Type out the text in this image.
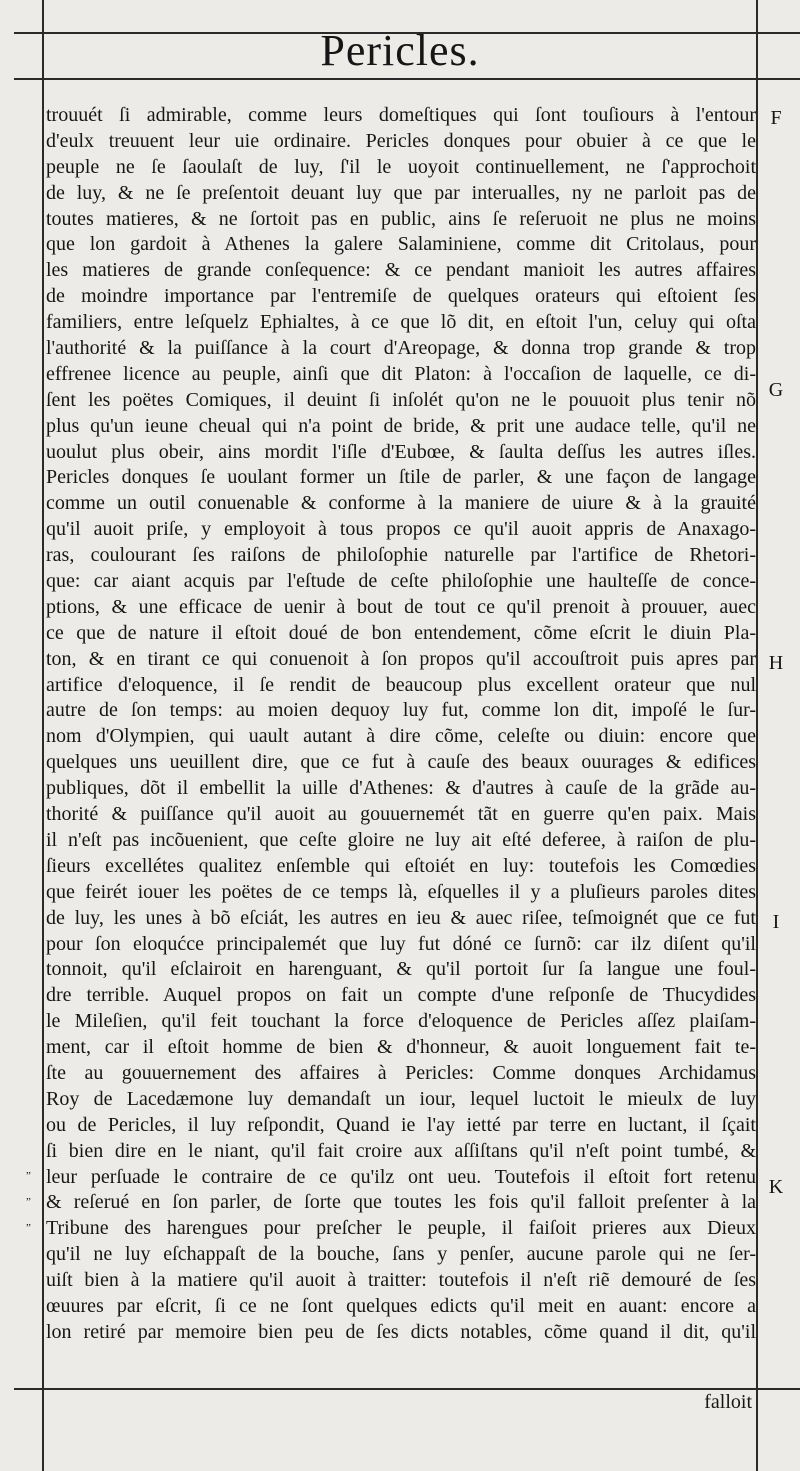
Pericles.
trouuét ſi admirable, comme leurs domeſtiques qui ſont touſiours à l'entour
d'eulx treuuent leur uie ordinaire. Pericles donques pour obuier à ce que le
peuple ne ſe ſaoulaſt de luy, ſ'il le uoyoit continuellement, ne ſ'approchoit
de luy, & ne ſe preſentoit deuant luy que par interualles, ny ne parloit pas de
toutes matieres, & ne ſortoit pas en public, ains ſe reſeruoit ne plus ne moins
que lon gardoit à Athenes la galere Salaminiene, comme dit Critolaus, pour
les matieres de grande conſequence: & ce pendant manioit les autres affaires
de moindre importance par l'entremiſe de quelques orateurs qui eſtoient ſes
familiers, entre leſquelz Ephialtes, à ce que lõ dit, en eſtoit l'un, celuy qui oſta
l'authorité & la puiſſance à la court d'Areopage, & donna trop grande & trop
effrenee licence au peuple, ainſi que dit Platon: à l'occaſion de laquelle, ce di-
ſent les poëtes Comiques, il deuint ſi inſolét qu'on ne le pouuoit plus tenir nõ
plus qu'un ieune cheual qui n'a point de bride, & prit une audace telle, qu'il ne
uoulut plus obeir, ains mordit l'iſle d'Eubœe, & ſaulta deſſus les autres iſles.
Pericles donques ſe uoulant former un ſtile de parler, & une façon de langage
comme un outil conuenable & conforme à la maniere de uiure & à la grauité
qu'il auoit priſe, y employoit à tous propos ce qu'il auoit appris de Anaxago-
ras, coulourant ſes raiſons de philoſophie naturelle par l'artifice de Rhetori-
que: car aiant acquis par l'eſtude de ceſte philoſophie une haulteſſe de conce-
ptions, & une efficace de uenir à bout de tout ce qu'il prenoit à prouuer, auec
ce que de nature il eſtoit doué de bon entendement, cõme eſcrit le diuin Pla-
ton, & en tirant ce qui conuenoit à ſon propos qu'il accouſtroit puis apres par
artifice d'eloquence, il ſe rendit de beaucoup plus excellent orateur que nul
autre de ſon temps: au moien dequoy luy fut, comme lon dit, impoſé le ſur-
nom d'Olympien, qui uault autant à dire cõme, celeſte ou diuin: encore que
quelques uns ueuillent dire, que ce fut à cauſe des beaux ouurages & edifices
publiques, dõt il embellit la uille d'Athenes: & d'autres à cauſe de la grãde au-
thorité & puiſſance qu'il auoit au gouuernemét tãt en guerre qu'en paix. Mais
il n'eſt pas incõuenient, que ceſte gloire ne luy ait eſté deferee, à raiſon de plu-
ſieurs excellétes qualitez enſemble qui eſtoiét en luy: toutefois les Comœdies
que feirét iouer les poëtes de ce temps là, eſquelles il y a pluſieurs paroles dites
de luy, les unes à bõ eſciát, les autres en ieu & auec riſee, teſmoignét que ce fut
pour ſon eloqućce principalemét que luy fut dóné ce ſurnõ: car ilz diſent qu'il
tonnoit, qu'il eſclairoit en harenguant, & qu'il portoit ſur ſa langue une foul-
dre terrible. Auquel propos on fait un compte d'une reſponſe de Thucydides
le Mileſien, qu'il feit touchant la force d'eloquence de Pericles aſſez plaiſam-
ment, car il eſtoit homme de bien & d'honneur, & auoit longuement fait te-
ſte au gouuernement des affaires à Pericles: Comme donques Archidamus
Roy de Lacedæmone luy demandaſt un iour, lequel luctoit le mieulx de luy
ou de Pericles, il luy reſpondit, Quand ie l'ay ietté par terre en luctant, il ſçait
ſi bien dire en le niant, qu'il fait croire aux aſſiſtans qu'il n'eſt point tumbé, &
leur perſuade le contraire de ce qu'ilz ont ueu. Toutefois il eſtoit fort retenu
& reſerué en ſon parler, de ſorte que toutes les fois qu'il falloit preſenter à la
Tribune des harengues pour preſcher le peuple, il faiſoit prieres aux Dieux
qu'il ne luy eſchappaſt de la bouche, ſans y penſer, aucune parole qui ne ſer-
uiſt bien à la matiere qu'il auoit à traitter: toutefois il n'eſt riẽ demouré de ſes
œuures par eſcrit, ſi ce ne ſont quelques edicts qu'il meit en auant: encore a
lon retiré par memoire bien peu de ſes dicts notables, cõme quand il dit, qu'il
F
G
H
I
K
„
„
„
falloit
